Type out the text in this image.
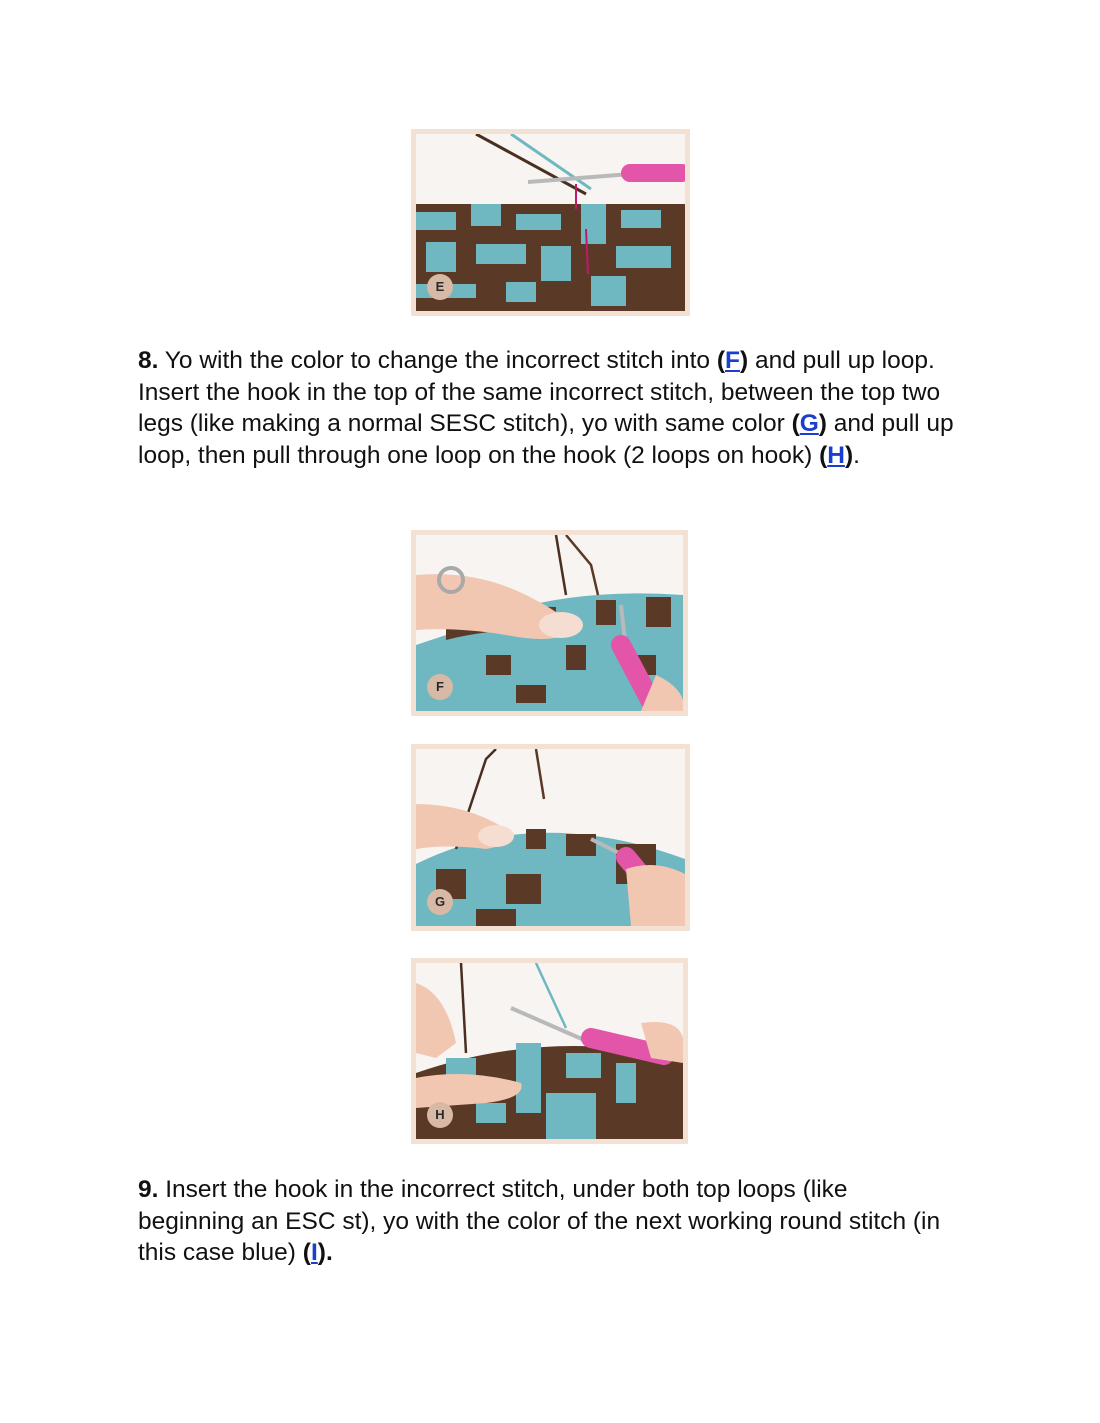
E

8. Yo with the color to change the incorrect stitch into (F) and pull up loop. Insert the hook in the top of the same incorrect stitch, between the top two legs (like making a normal SESC stitch), yo with same color (G) and pull up loop, then pull through one loop on the hook (2 loops on hook) (H).

F
G
H

9. Insert the hook in the incorrect stitch, under both top loops (like beginning an ESC st), yo with the color of the next working round stitch (in this case blue) (I).
